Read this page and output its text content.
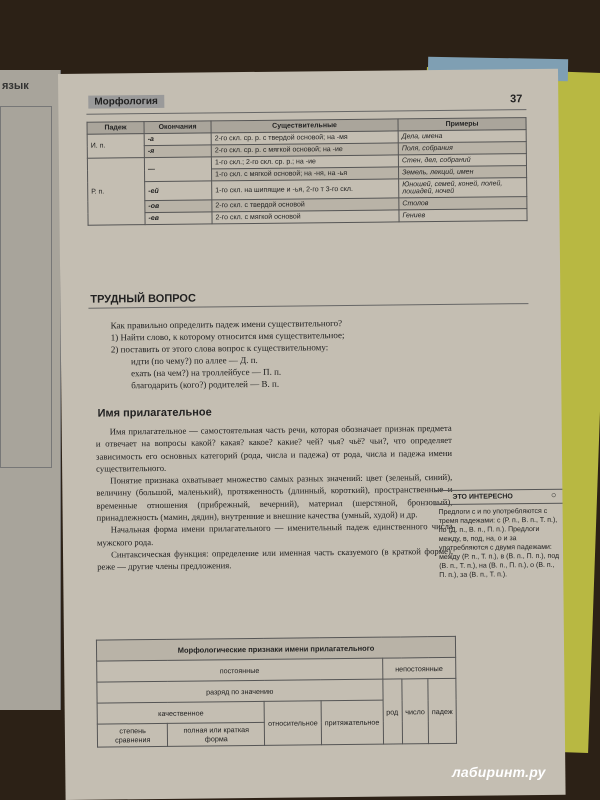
язык
Морфология	37
Падеж	Окончания	Существительные	Примеры
И. п.	-а	2-го скл. ср. р. с твердой основой; на -мя	Дела, имена
	-я	2-го скл. ср. р. с мягкой основой; на -ие	Поля, собрания
Р. п.	—	1-го скл.; 2-го скл. ср. р.; на -ие	Стен, дел, собраний
		1-го скл. с мягкой основой; на -ня, на -ья	Земель, лекций, имен
	-ей	1-го скл. на шипящие и -ья, 2-го т 3-го скл.	Юношей, семей, коней, полей, лошадей, ночей
	-ов	2-го скл. с твердой основой	Столов
	-ев	2-го скл. с мягкой основой	Гениев
ТРУДНЫЙ ВОПРОС
Как правильно определить падеж имени существительного?
1) Найти слово, к которому относится имя существительное;
2) поставить от этого слова вопрос к существительному:
идти (по чему?) по аллее — Д. п.
ехать (на чем?) на троллейбусе — П. п.
благодарить (кого?) родителей — В. п.
Имя прилагательное

Имя прилагательное — самостоятельная часть речи, которая обозначает признак предмета и отвечает на вопросы какой? какая? какое? какие? чей? чья? чьё? чьи?, что определяет зависимость его основных категорий (рода, числа и падежа) от рода, числа и падежа имени существительного.

Понятие признака охватывает множество самых разных значений: цвет (зеленый, синий), величину (большой, маленький), протяженность (длинный, короткий), пространственные и временные отношения (прибрежный, вечерний), материал (шерстяной, бронзовый), принадлежность (мамин, дядин), внутренние и внешние качества (умный, худой) и др.

Начальная форма имени прилагательного — именительный падеж единственного числа мужского рода.

Синтаксическая функция: определение или именная часть сказуемого (в краткой форме), реже — другие члены предложения.

ЭТО ИНТЕРЕСНО	○
Предлоги с и по употребляются с тремя падежами: с (Р. п., В. п., Т. п.), по (Д. п., В. п., П. п.). Предлоги между, в, под, на, о и за употребляются с двумя падежами: между (Р. п., Т. п.), в (В. п., П. п.), под (В. п., Т. п.), на (В. п., П. п.), о (В. п., П. п.), за (В. п., Т. п.).
Морфологические признаки имени прилагательного						
постоянные				непостоянные		
разряд по значению				род	число	падеж
качественное		относительное	притяжательное			
степень сравнения	полная или краткая форма					
лабиринт.ру
